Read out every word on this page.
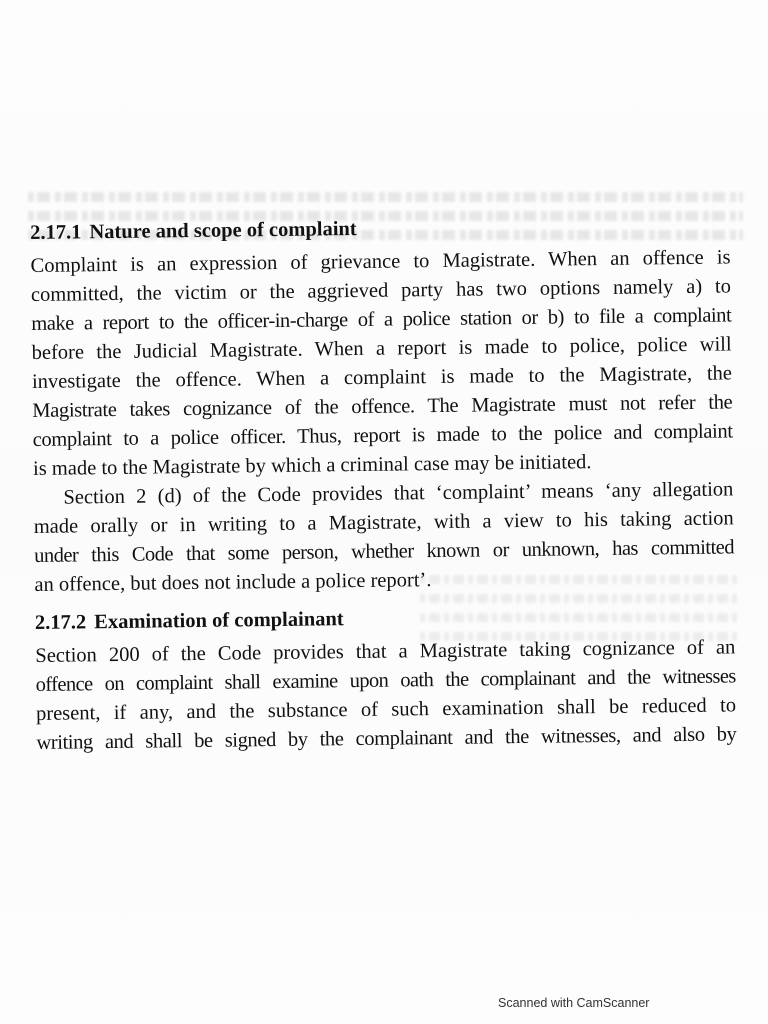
2.17.1 Nature and scope of complaint

Complaint is an expression of grievance to Magistrate. When an offence is
committed, the victim or the aggrieved party has two options namely a) to
make a report to the officer-in-charge of a police station or b) to file a complaint
before the Judicial Magistrate. When a report is made to police, police will
investigate the offence. When a complaint is made to the Magistrate, the
Magistrate takes cognizance of the offence. The Magistrate must not refer the
complaint to a police officer. Thus, report is made to the police and complaint
is made to the Magistrate by which a criminal case may be initiated.

Section 2 (d) of the Code provides that ‘complaint’ means ‘any allegation
made orally or in writing to a Magistrate, with a view to his taking action
under this Code that some person, whether known or unknown, has committed
an offence, but does not include a police report’.

2.17.2 Examination of complainant

Section 200 of the Code provides that a Magistrate taking cognizance of an
offence on complaint shall examine upon oath the complainant and the witnesses
present, if any, and the substance of such examination shall be reduced to
writing and shall be signed by the complainant and the witnesses, and also by

Scanned with CamScanner
